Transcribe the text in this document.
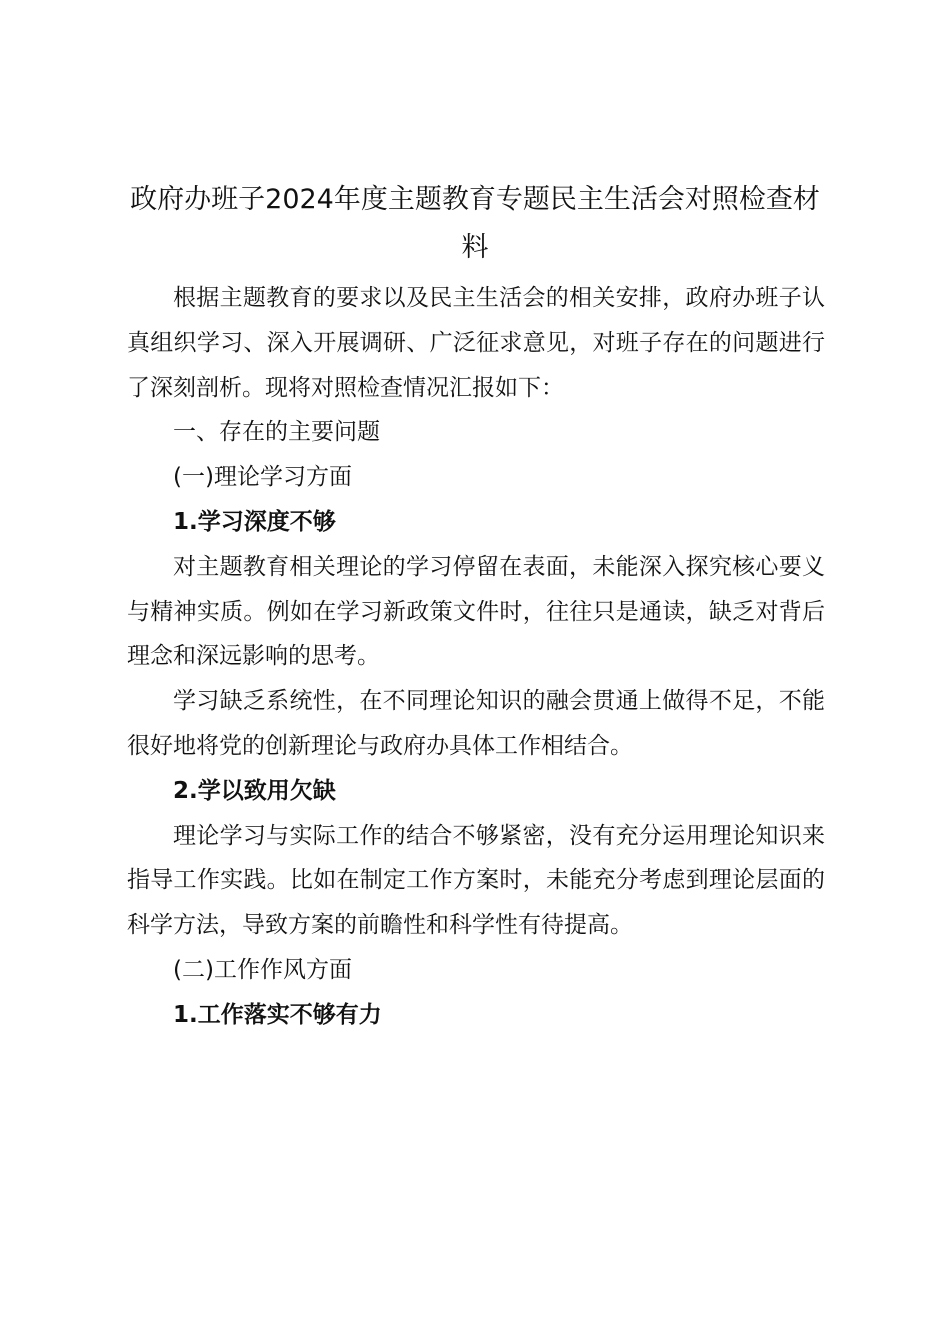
政府办班子2024年度主题教育专题民主生活会对照检查材料

根据主题教育的要求以及民主生活会的相关安排，政府办班子认真组织学习、深入开展调研、广泛征求意见，对班子存在的问题进行了深刻剖析。现将对照检查情况汇报如下：

一、存在的主要问题

(一)理论学习方面

1.学习深度不够

对主题教育相关理论的学习停留在表面，未能深入探究核心要义与精神实质。例如在学习新政策文件时，往往只是通读，缺乏对背后理念和深远影响的思考。

学习缺乏系统性，在不同理论知识的融会贯通上做得不足，不能很好地将党的创新理论与政府办具体工作相结合。

2.学以致用欠缺

理论学习与实际工作的结合不够紧密，没有充分运用理论知识来指导工作实践。比如在制定工作方案时，未能充分考虑到理论层面的科学方法，导致方案的前瞻性和科学性有待提高。

(二)工作作风方面

1.工作落实不够有力
